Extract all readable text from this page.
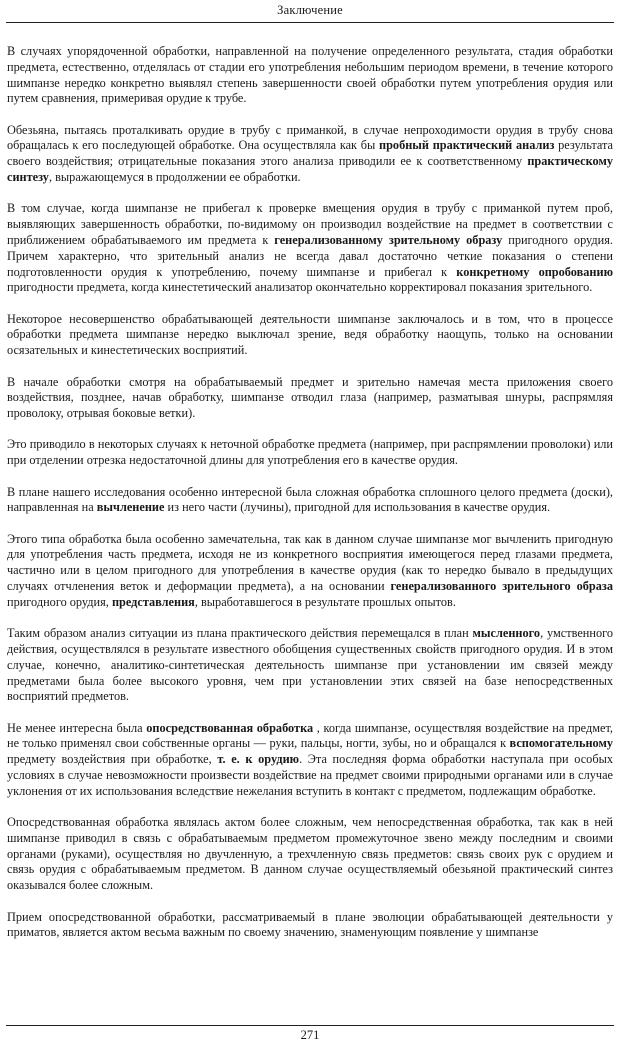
Заключение

В случаях упорядоченной обработки, направленной на получение определенного результата, стадия обработки предмета, естественно, отделялась от стадии его употребления небольшим периодом времени, в течение которого шимпанзе нередко конкретно выявлял степень завершенности своей обработки путем употребления орудия или путем сравнения, примеривая орудие к трубе.

Обезьяна, пытаясь проталкивать орудие в трубу с приманкой, в случае непроходимости орудия в трубу снова обращалась к его последующей обработке. Она осуществляла как бы пробный практический анализ результата своего воздействия; отрицательные показания этого анализа приводили ее к соответственному практическому синтезу, выражающемуся в продолжении ее обработки.

В том случае, когда шимпанзе не прибегал к проверке вмещения орудия в трубу с приманкой путем проб, выявляющих завершенность обработки, по-видимому он производил воздействие на предмет в соответствии с приближением обрабатываемого им предмета к генерализованному зрительному образу пригодного орудия. Причем характерно, что зрительный анализ не всегда давал достаточно четкие показания о степени подготовленности орудия к употреблению, почему шимпанзе и прибегал к конкретному опробованию пригодности предмета, когда кинестетический анализатор окончательно корректировал показания зрительного.

Некоторое несовершенство обрабатывающей деятельности шимпанзе заключалось и в том, что в процессе обработки предмета шимпанзе нередко выключал зрение, ведя обработку наощупь, только на основании осязательных и кинестетических восприятий.

В начале обработки смотря на обрабатываемый предмет и зрительно намечая места приложения своего воздействия, позднее, начав обработку, шимпанзе отводил глаза (например, разматывая шнуры, распрямляя проволоку, отрывая боковые ветки).

Это приводило в некоторых случаях к неточной обработке предмета (например, при распрямлении проволоки) или при отделении отрезка недостаточной длины для употребления его в качестве орудия.

В плане нашего исследования особенно интересной была сложная обработка сплошного целого предмета (доски), направленная на вычленение из него части (лучины), пригодной для использования в качестве орудия.

Этого типа обработка была особенно замечательна, так как в данном случае шимпанзе мог вычленить пригодную для употребления часть предмета, исходя не из конкретного восприятия имеющегося перед глазами предмета, частично или в целом пригодного для употребления в качестве орудия (как то нередко бывало в предыдущих случаях отчленения веток и деформации предмета), а на основании генерализованного зрительного образа пригодного орудия, представления, выработавшегося в результате прошлых опытов.

Таким образом анализ ситуации из плана практического действия перемещался в план мысленного, умственного действия, осуществлялся в результате известного обобщения существенных свойств пригодного орудия. И в этом случае, конечно, аналитико-синтетическая деятельность шимпанзе при установлении им связей между предметами была более высокого уровня, чем при установлении этих связей на базе непосредственных восприятий предметов.

Не менее интересна была опосредствованная обработка , когда шимпанзе, осуществляя воздействие на предмет, не только применял свои собственные органы — руки, пальцы, ногти, зубы, но и обращался к вспомогательному предмету воздействия при обработке, т. е. к орудию. Эта последняя форма обработки наступала при особых условиях в случае невозможности произвести воздействие на предмет своими природными органами или в случае уклонения от их использования вследствие нежелания вступить в контакт с предметом, подлежащим обработке.

Опосредствованная обработка являлась актом более сложным, чем непосредственная обработка, так как в ней шимпанзе приводил в связь с обрабатываемым предметом промежуточное звено между последним и своими органами (руками), осуществляя но двучленную, а трехчленную связь предметов: связь своих рук с орудием и связь орудия с обрабатываемым предметом. В данном случае осуществляемый обезьяной практический синтез оказывался более сложным.

Прием опосредствованной обработки, рассматриваемый в плане эволюции обрабатывающей деятельности у приматов, является актом весьма важным по своему значению, знаменующим появление у шимпанзе

271
